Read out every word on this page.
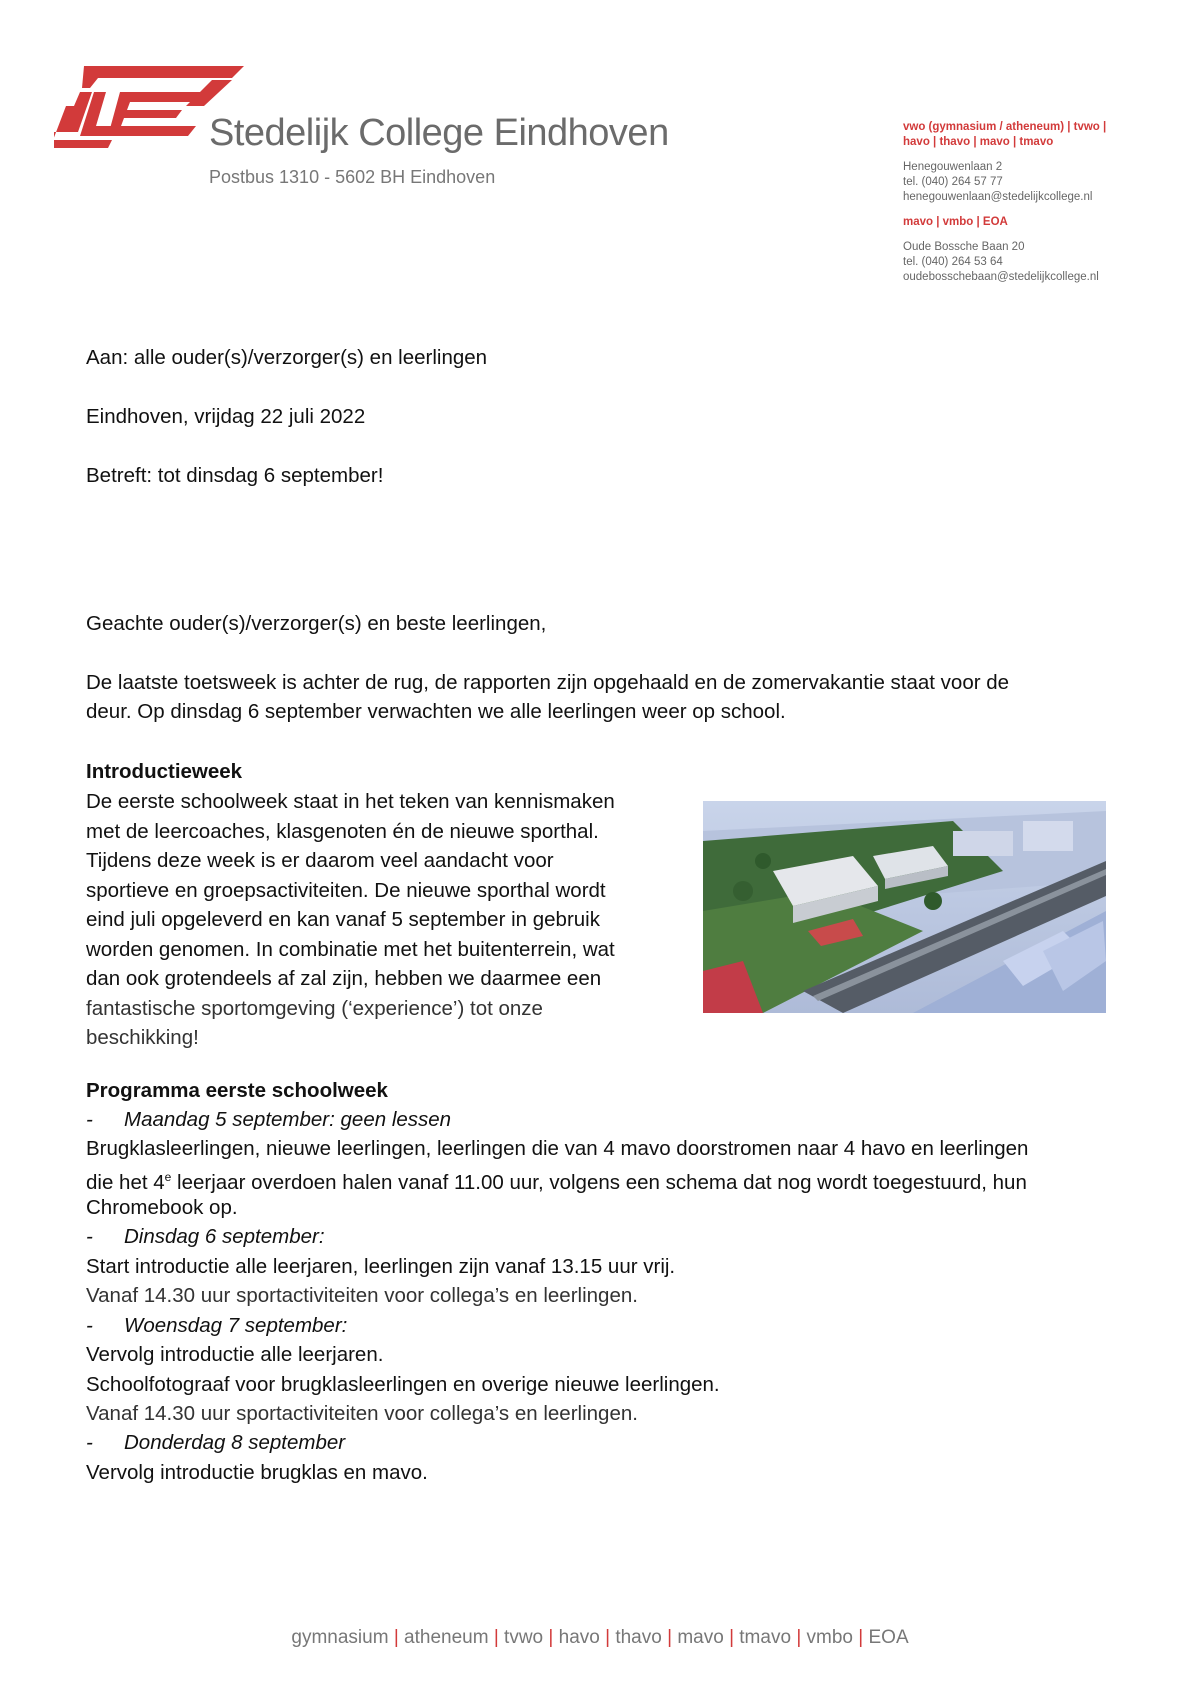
Stedelijk College Eindhoven
Postbus 1310 - 5602 BH Eindhoven
vwo (gymnasium / atheneum) | tvwo |
havo | thavo | mavo | tmavo
Henegouwenlaan 2
tel. (040) 264 57 77
henegouwenlaan@stedelijkcollege.nl
mavo | vmbo | EOA
Oude Bossche Baan 20
tel. (040) 264 53 64
oudebosschebaan@stedelijkcollege.nl
Aan: alle ouder(s)/verzorger(s) en leerlingen
Eindhoven, vrijdag 22 juli 2022
Betreft: tot dinsdag 6 september!
Geachte ouder(s)/verzorger(s) en beste leerlingen,
De laatste toetsweek is achter de rug, de rapporten zijn opgehaald en de zomervakantie staat voor de
deur. Op dinsdag 6 september verwachten we alle leerlingen weer op school.
Introductieweek
De eerste schoolweek staat in het teken van kennismaken
met de leercoaches, klasgenoten én de nieuwe sporthal.
Tijdens deze week is er daarom veel aandacht voor
sportieve en groepsactiviteiten. De nieuwe sporthal wordt
eind juli opgeleverd en kan vanaf 5 september in gebruik
worden genomen. In combinatie met het buitenterrein, wat
dan ook grotendeels af zal zijn, hebben we daarmee een
fantastische sportomgeving (‘experience’) tot onze
beschikking!
Programma eerste schoolweek
- Maandag 5 september: geen lessen
Brugklasleerlingen, nieuwe leerlingen, leerlingen die van 4 mavo doorstromen naar 4 havo en leerlingen
die het 4e leerjaar overdoen halen vanaf 11.00 uur, volgens een schema dat nog wordt toegestuurd, hun
Chromebook op.
- Dinsdag 6 september:
Start introductie alle leerjaren, leerlingen zijn vanaf 13.15 uur vrij.
Vanaf 14.30 uur sportactiviteiten voor collega’s en leerlingen.
- Woensdag 7 september:
Vervolg introductie alle leerjaren.
Schoolfotograaf voor brugklasleerlingen en overige nieuwe leerlingen.
Vanaf 14.30 uur sportactiviteiten voor collega’s en leerlingen.
- Donderdag 8 september
Vervolg introductie brugklas en mavo.
gymnasium | atheneum | tvwo | havo | thavo | mavo | tmavo | vmbo | EOA
